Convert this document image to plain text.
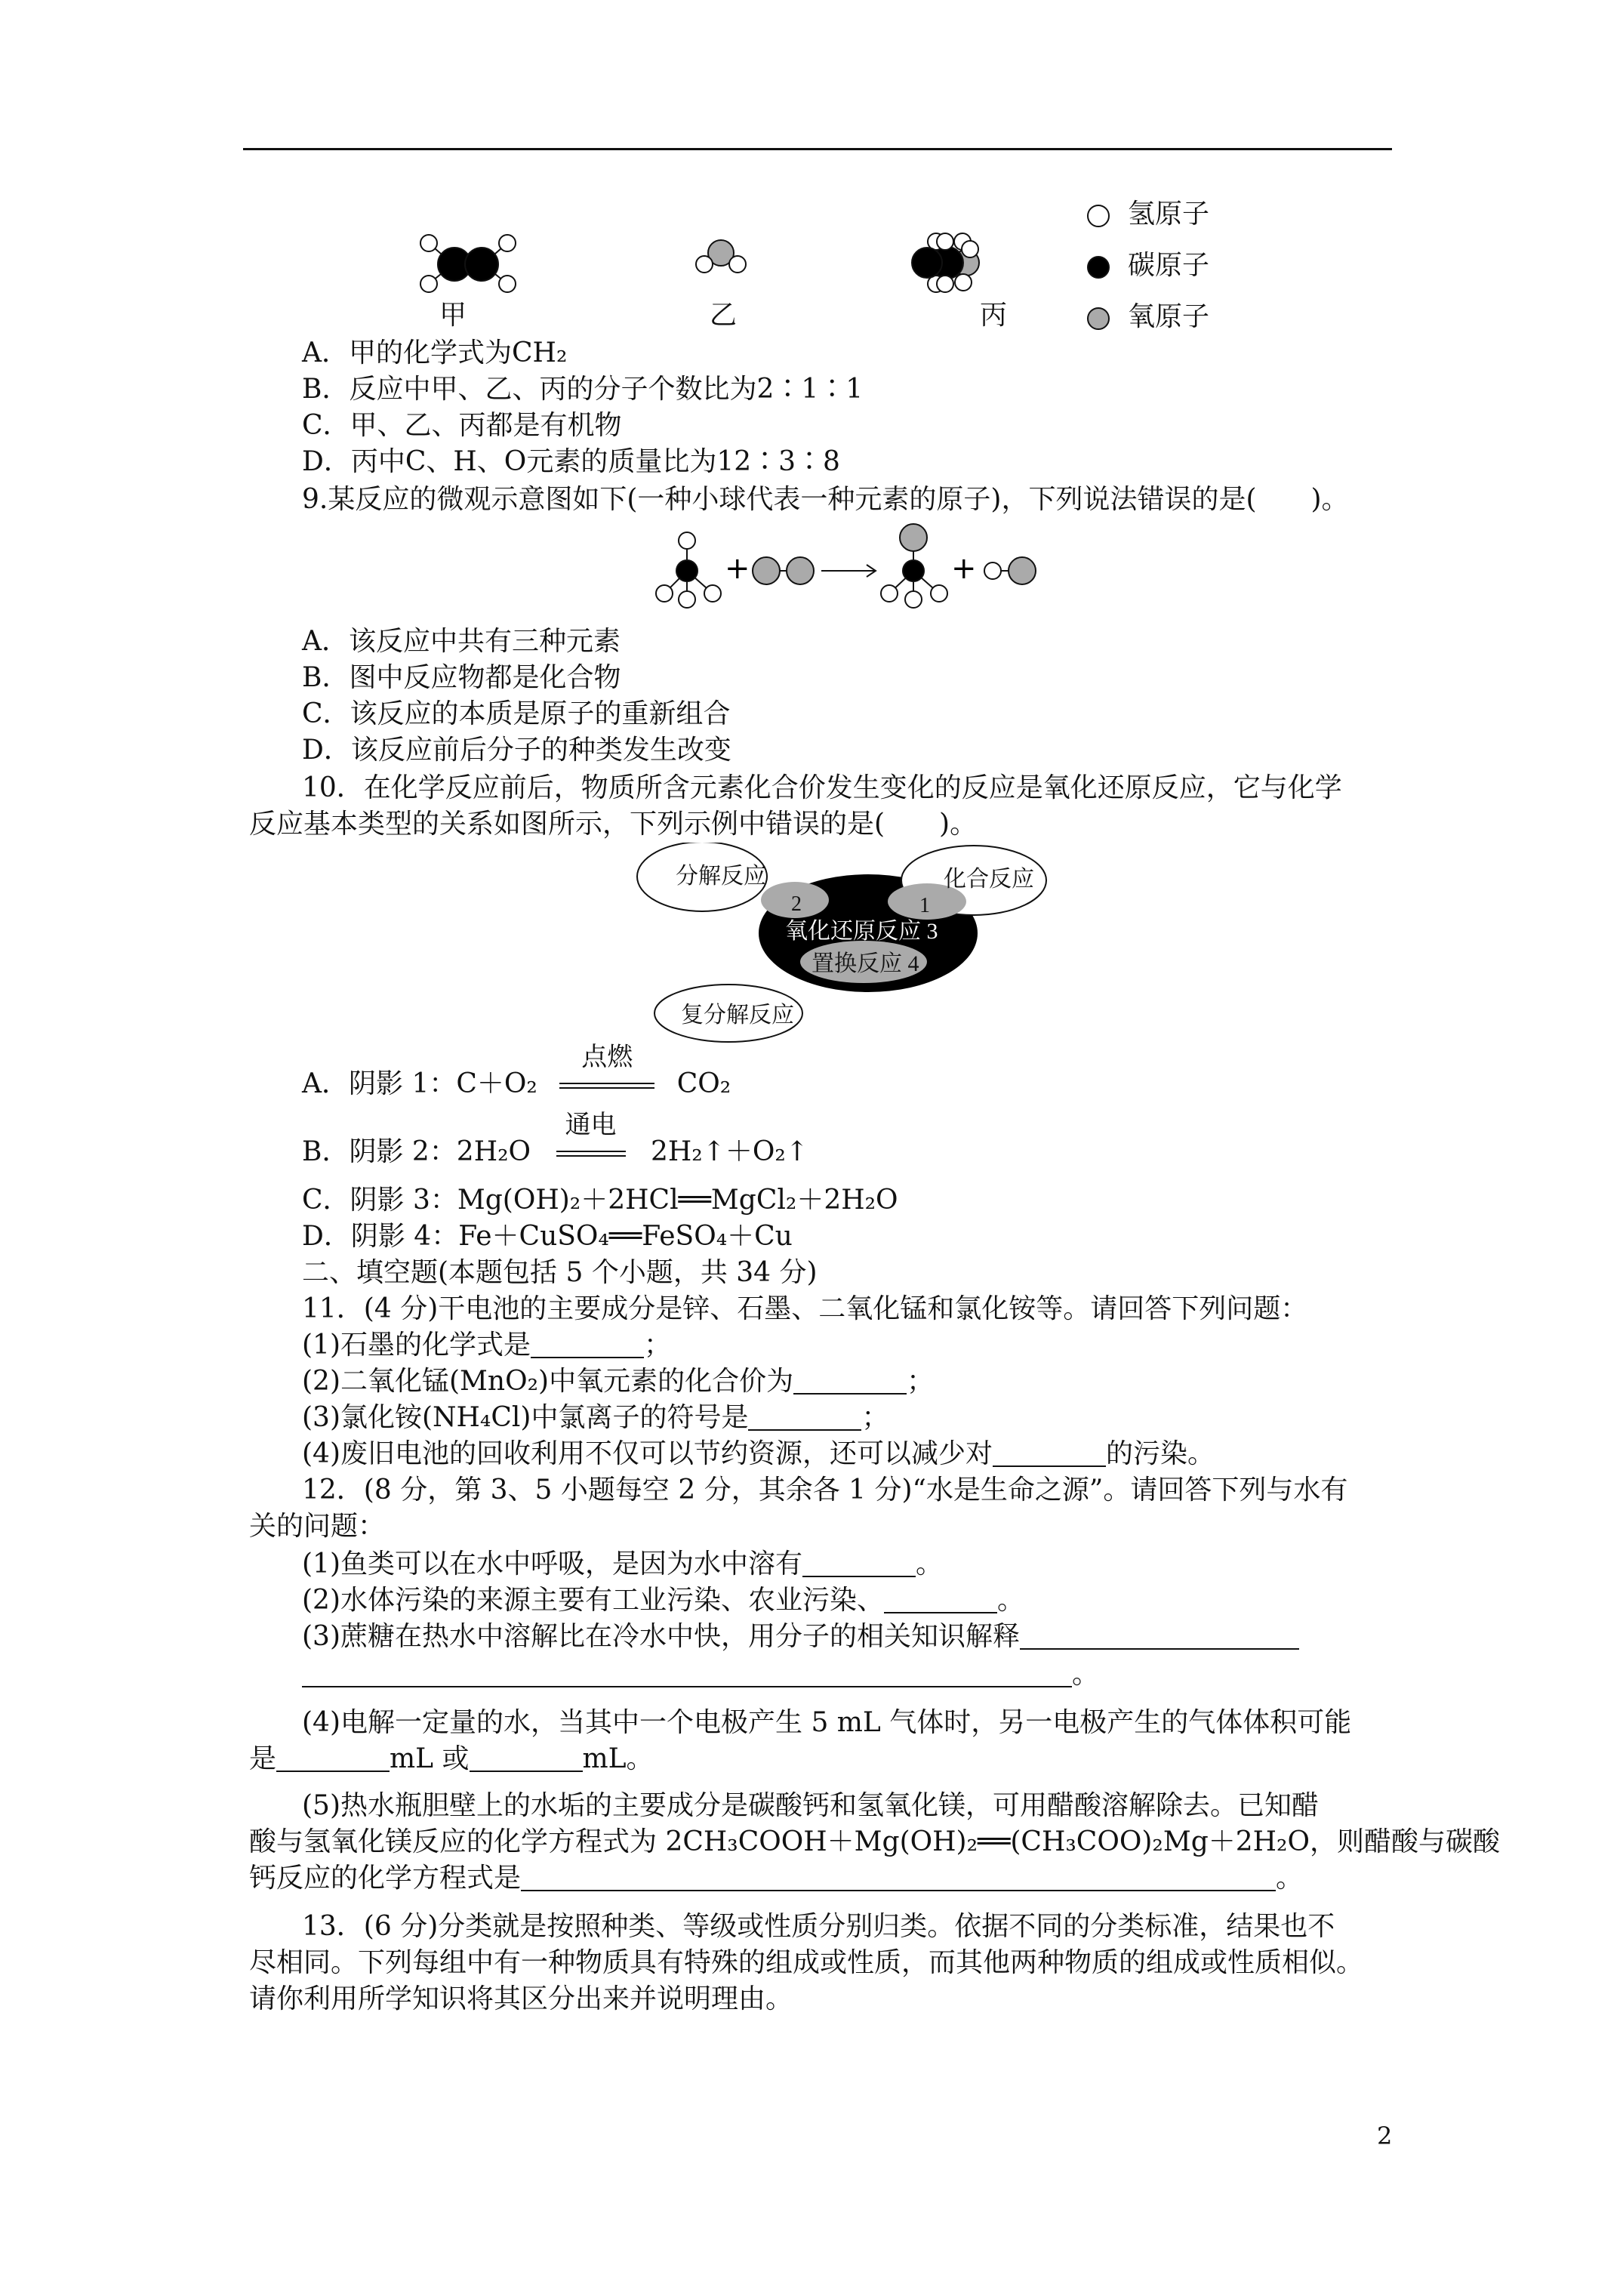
甲	乙	丙
氢原子
碳原子
氧原子
A．甲的化学式为CH₂
B．反应中甲、乙、丙的分子个数比为2∶1∶1
C．甲、乙、丙都是有机物
D．丙中C、H、O元素的质量比为12∶3∶8
9.某反应的微观示意图如下(一种小球代表一种元素的原子)，下列说法错误的是(　　)。
+	+
A．该反应中共有三种元素
B．图中反应物都是化合物
C．该反应的本质是原子的重新组合
D．该反应前后分子的种类发生改变
10．在化学反应前后，物质所含元素化合价发生变化的反应是氧化还原反应，它与化学
反应基本类型的关系如图所示，下列示例中错误的是(　　)。
分解反应	化合反应
2	1
氧化还原反应 3
置换反应 4
复分解反应
A．阴影 1：C＋O₂
点燃
CO₂
B．阴影 2：2H₂O
通电
2H₂↑＋O₂↑
C．阴影 3：Mg(OH)₂＋2HCl══MgCl₂＋2H₂O
D．阴影 4：Fe＋CuSO₄══FeSO₄＋Cu
二、填空题(本题包括 5 个小题，共 34 分)
11．(4 分)干电池的主要成分是锌、石墨、二氧化锰和氯化铵等。请回答下列问题：
(1)石墨的化学式是	；
(2)二氧化锰(MnO₂)中氧元素的化合价为	；
(3)氯化铵(NH₄Cl)中氯离子的符号是	；
(4)废旧电池的回收利用不仅可以节约资源，还可以减少对	的污染。
12．(8 分，第 3、5 小题每空 2 分，其余各 1 分)“水是生命之源”。请回答下列与水有
关的问题：
(1)鱼类可以在水中呼吸，是因为水中溶有	。
(2)水体污染的来源主要有工业污染、农业污染、	。
(3)蔗糖在热水中溶解比在冷水中快，用分子的相关知识解释
。
(4)电解一定量的水，当其中一个电极产生 5 mL 气体时，另一电极产生的气体体积可能
是	mL 或	mL。
(5)热水瓶胆壁上的水垢的主要成分是碳酸钙和氢氧化镁，可用醋酸溶解除去。已知醋
酸与氢氧化镁反应的化学方程式为 2CH₃COOH＋Mg(OH)₂══(CH₃COO)₂Mg＋2H₂O，则醋酸与碳酸
钙反应的化学方程式是	。
13．(6 分)分类就是按照种类、等级或性质分别归类。依据不同的分类标准，结果也不
尽相同。下列每组中有一种物质具有特殊的组成或性质，而其他两种物质的组成或性质相似。
请你利用所学知识将其区分出来并说明理由。
2
